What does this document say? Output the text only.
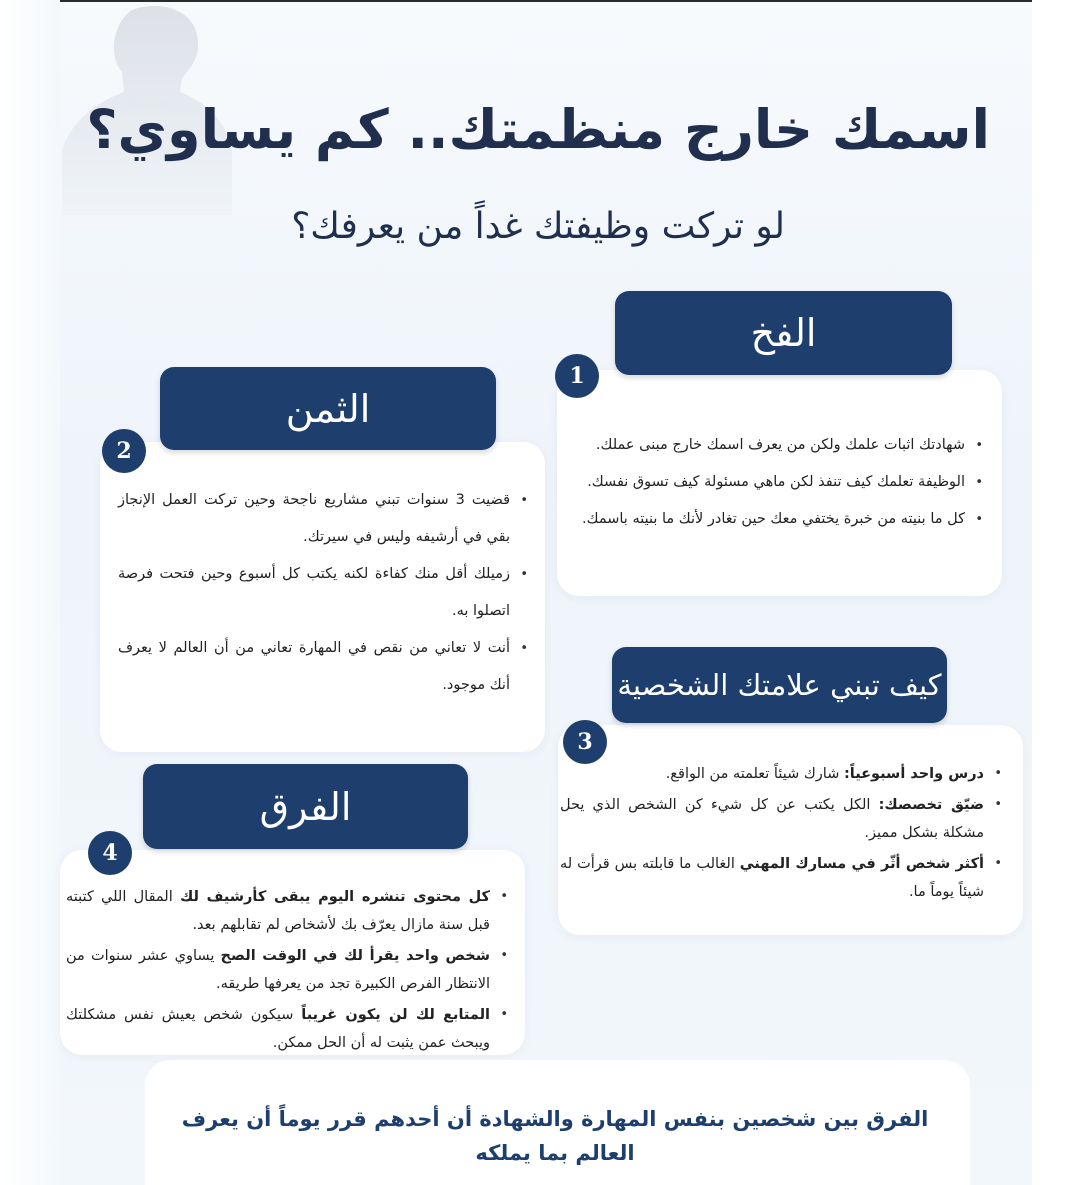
اسمك خارج منظمتك.. كم يساوي؟
لو تركت وظيفتك غداً من يعرفك؟
الفخ
1
• شهادتك اثبات علمك ولكن من يعرف اسمك خارج مبنى عملك.
• الوظيفة تعلمك كيف تنفذ لكن ماهي مسئولة كيف تسوق نفسك.
• كل ما بنيته من خبرة يختفي معك حين تغادر لأنك ما بنيته باسمك.
الثمن
2
• قضيت 3 سنوات تبني مشاريع ناجحة وحين تركت العمل الإنجاز بقي في أرشيفه وليس في سيرتك.
• زميلك أقل منك كفاءة لكنه يكتب كل أسبوع وحين فتحت فرصة اتصلوا به.
• أنت لا تعاني من نقص في المهارة تعاني من أن العالم لا يعرف أنك موجود.	كيف تبني علامتك الشخصية
3
• درس واحد أسبوعياً: شارك شيئاً تعلمته من الواقع.
• ضيّق تخصصك: الكل يكتب عن كل شيء كن الشخص الذي يحل مشكلة بشكل مميز.
• أكثر شخص أثّر في مسارك المهني الغالب ما قابلته بس قرأت له شيئاً يوماً ما.
الفرق
4
• كل محتوى تنشره اليوم يبقى كأرشيف لك المقال اللي كتبته قبل سنة مازال يعرّف بك لأشخاص لم تقابلهم بعد.
• شخص واحد يقرأ لك في الوقت الصح يساوي عشر سنوات من الانتظار الفرص الكبيرة تجد من يعرفها طريقه.
• المتابع لك لن يكون غريباً سيكون شخص يعيش نفس مشكلتك ويبحث عمن يثبت له أن الحل ممكن.
الفرق بين شخصين بنفس المهارة والشهادة أن أحدهم قرر يوماً أن يعرف العالم بما يملكه
